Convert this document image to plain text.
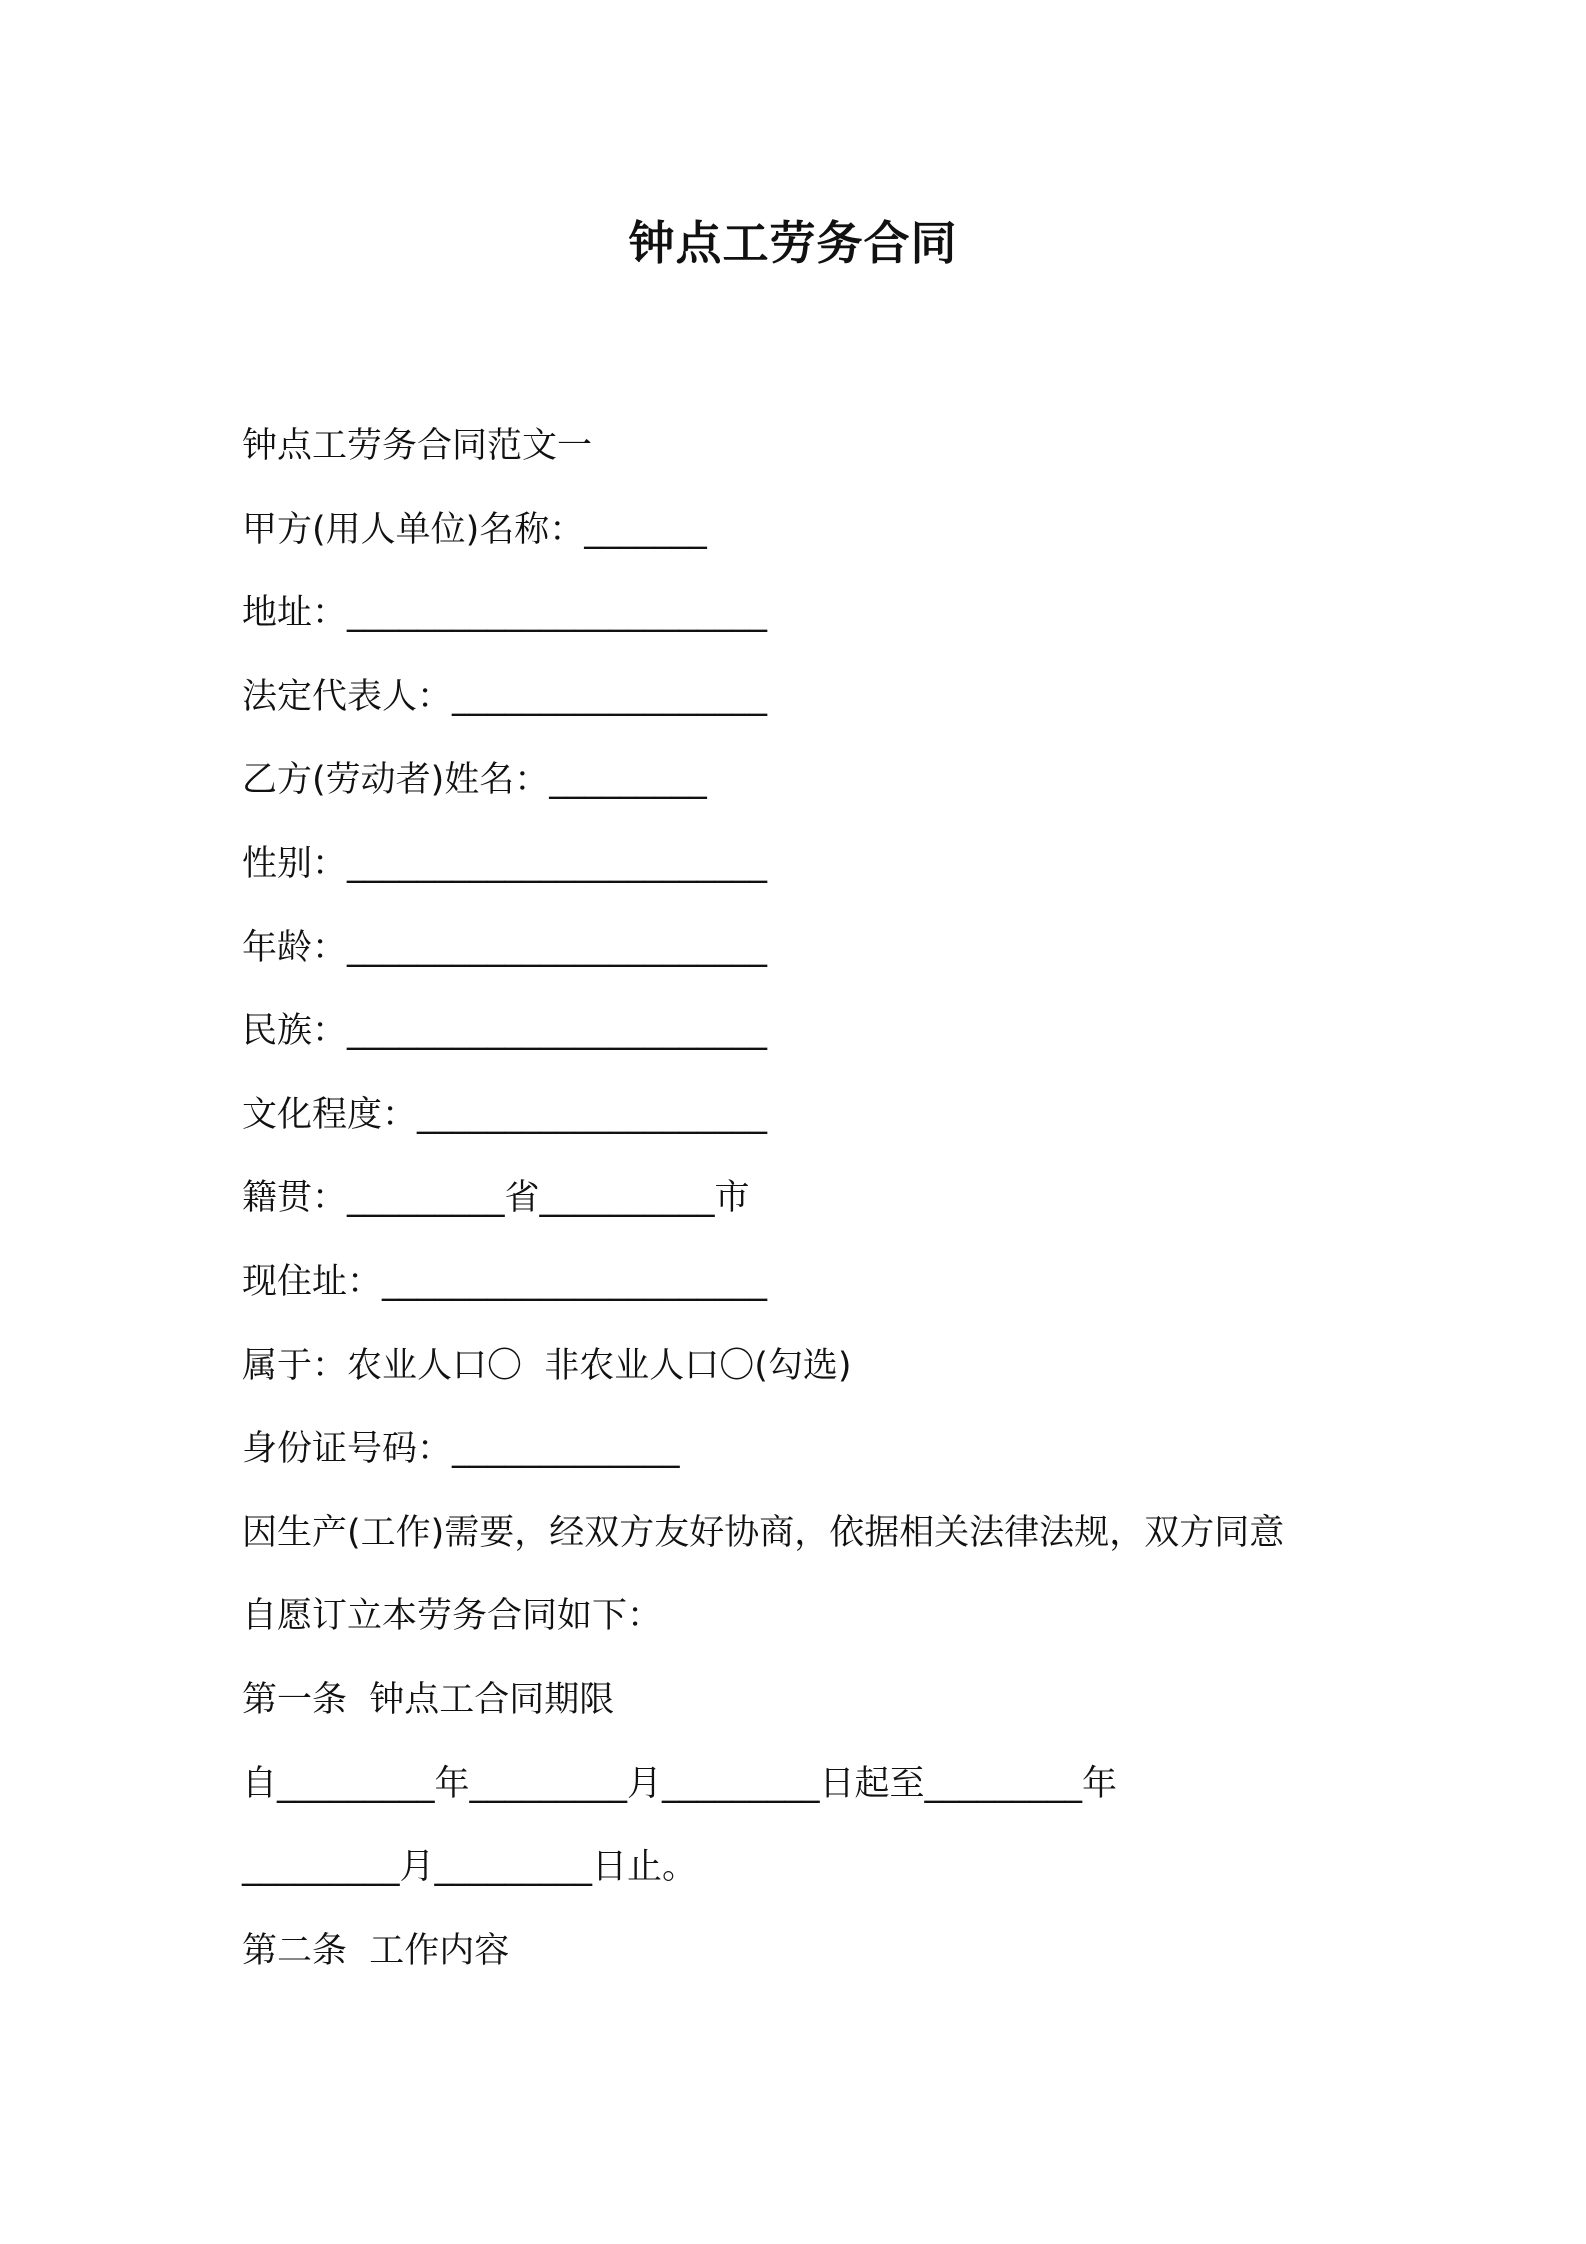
钟点工劳务合同
钟点工劳务合同范文一
甲方(用人单位)名称：_______
地址：________________________
法定代表人：__________________
乙方(劳动者)姓名：_________
性别：________________________
年龄：________________________
民族：________________________
文化程度：____________________
籍贯：_________省__________市
现住址：______________________
属于：农业人口〇  非农业人口〇(勾选)
身份证号码：_____________
因生产(工作)需要，经双方友好协商，依据相关法律法规，双方同意
自愿订立本劳务合同如下：
第一条  钟点工合同期限
自_________年_________月_________日起至_________年
_________月_________日止。
第二条  工作内容
